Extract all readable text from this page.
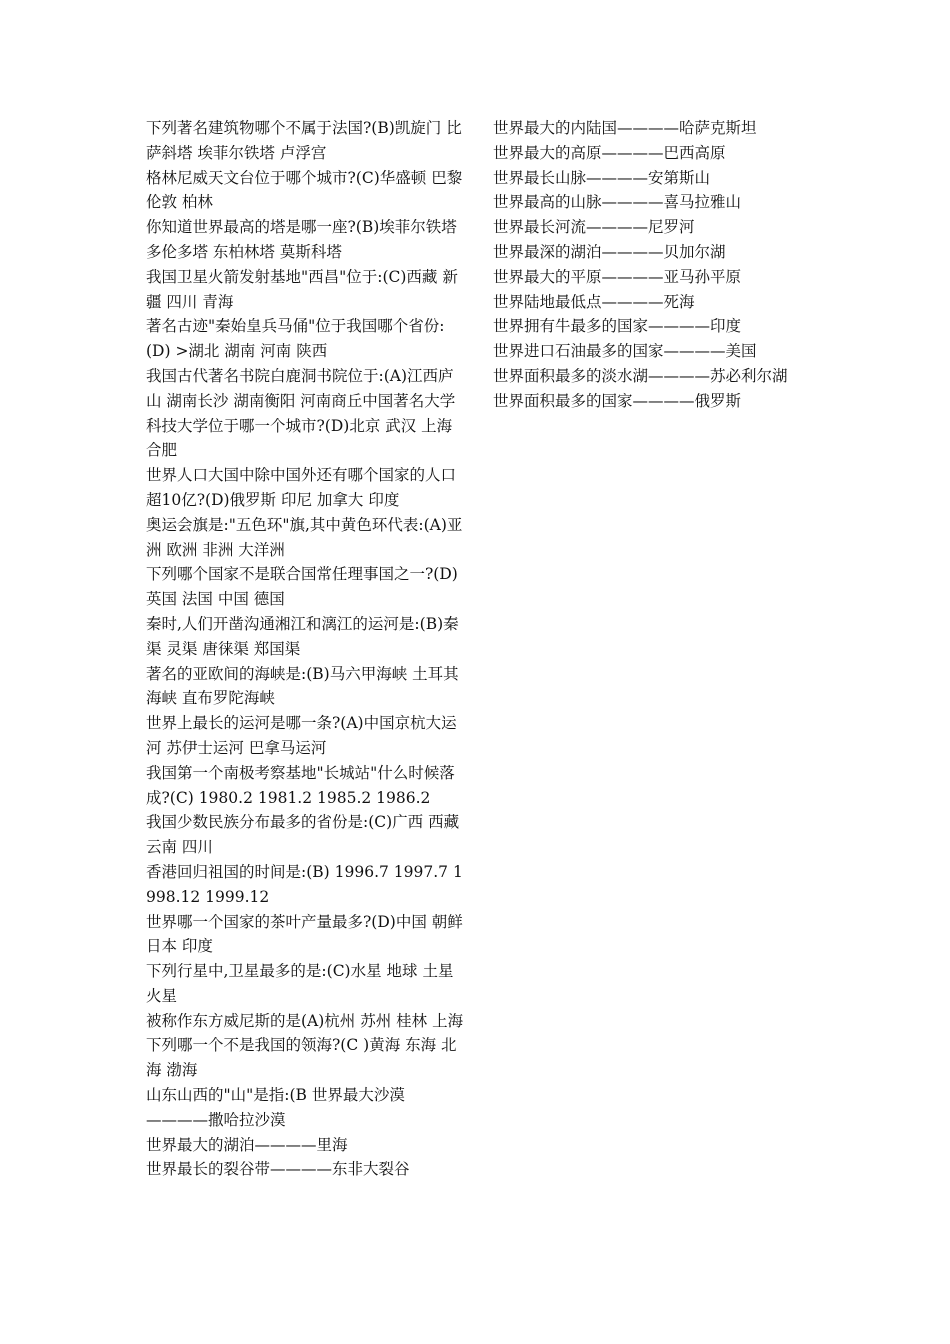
下列著名建筑物哪个不属于法国?(B)凯旋门 比萨斜塔 埃菲尔铁塔 卢浮宫

格林尼威天文台位于哪个城市?(C)华盛顿 巴黎 伦敦 柏林

你知道世界最高的塔是哪一座?(B)埃菲尔铁塔 多伦多塔 东柏林塔 莫斯科塔

我国卫星火箭发射基地"西昌"位于:(C)西藏 新疆 四川 青海

著名古迹"秦始皇兵马俑"位于我国哪个省份:(D) >湖北 湖南 河南 陕西

我国古代著名书院白鹿洞书院位于:(A)江西庐山 湖南长沙 湖南衡阳 河南商丘中国著名大学科技大学位于哪一个城市?(D)北京 武汉 上海 合肥

世界人口大国中除中国外还有哪个国家的人口超10亿?(D)俄罗斯 印尼 加拿大 印度

奥运会旗是:"五色环"旗,其中黄色环代表:(A)亚洲 欧洲 非洲 大洋洲

下列哪个国家不是联合国常任理事国之一?(D)英国 法国 中国 德国

秦时,人们开凿沟通湘江和漓江的运河是:(B)秦渠 灵渠 唐徕渠 郑国渠

著名的亚欧间的海峡是:(B)马六甲海峡 土耳其海峡 直布罗陀海峡

世界上最长的运河是哪一条?(A)中国京杭大运河 苏伊士运河 巴拿马运河

我国第一个南极考察基地"长城站"什么时候落成?(C) 1980.2 1981.2 1985.2 1986.2

我国少数民族分布最多的省份是:(C)广西 西藏 云南 四川

香港回归祖国的时间是:(B) 1996.7 1997.7 1998.12 1999.12

世界哪一个国家的茶叶产量最多?(D)中国 朝鲜 日本 印度

下列行星中,卫星最多的是:(C)水星 地球 土星 火星

被称作东方威尼斯的是(A)杭州 苏州 桂林 上海

下列哪一个不是我国的领海?(C )黄海 东海 北海 渤海

山东山西的"山"是指:(B 世界最大沙漠————撒哈拉沙漠

世界最大的湖泊————里海

世界最长的裂谷带————东非大裂谷

世界最大的内陆国————哈萨克斯坦

世界最大的高原————巴西高原

世界最长山脉————安第斯山

世界最高的山脉————喜马拉雅山

世界最长河流————尼罗河

世界最深的湖泊————贝加尔湖

世界最大的平原————亚马孙平原

世界陆地最低点————死海

世界拥有牛最多的国家————印度

世界进口石油最多的国家————美国

世界面积最多的淡水湖————苏必利尔湖

世界面积最多的国家————俄罗斯
